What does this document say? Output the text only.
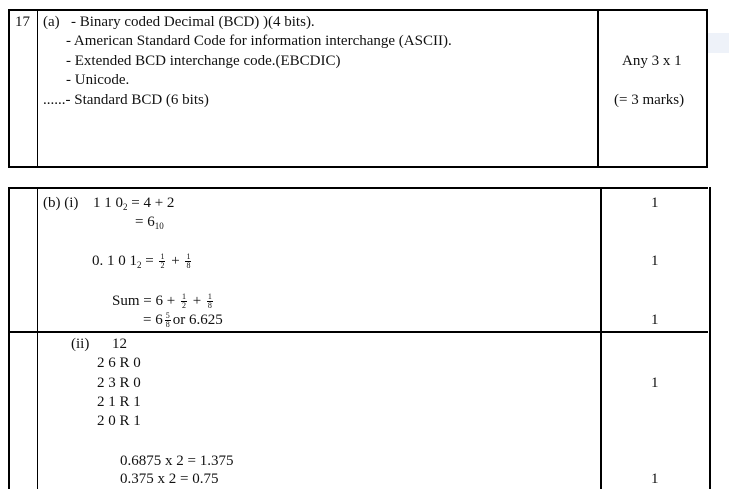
17 (a) - Binary coded Decimal (BCD) )(4 bits).
- American Standard Code for information interchange (ASCII).
- Extended BCD interchange code.(EBCDIC)
- Unicode.
......- Standard BCD (6 bits)
Any 3 x 1
(= 3 marks)
(b) (i) 1 1 $0_2 = 4 + 2$
= $6_{10}$
0. 1 0 $1_2 = \frac{1}{2} + \frac{1}{8}$
Sum = $6 + \frac{1}{2} + \frac{1}{8}$
= $6 \frac{5}{8}$ or 6.625
(ii) 12
2 6 R 0
2 3 R 0
2 1 R 1
2 0 R 1
0.6875 x 2 = 1.375
0.375 x 2 = 0.75
1
1
1
1
1
